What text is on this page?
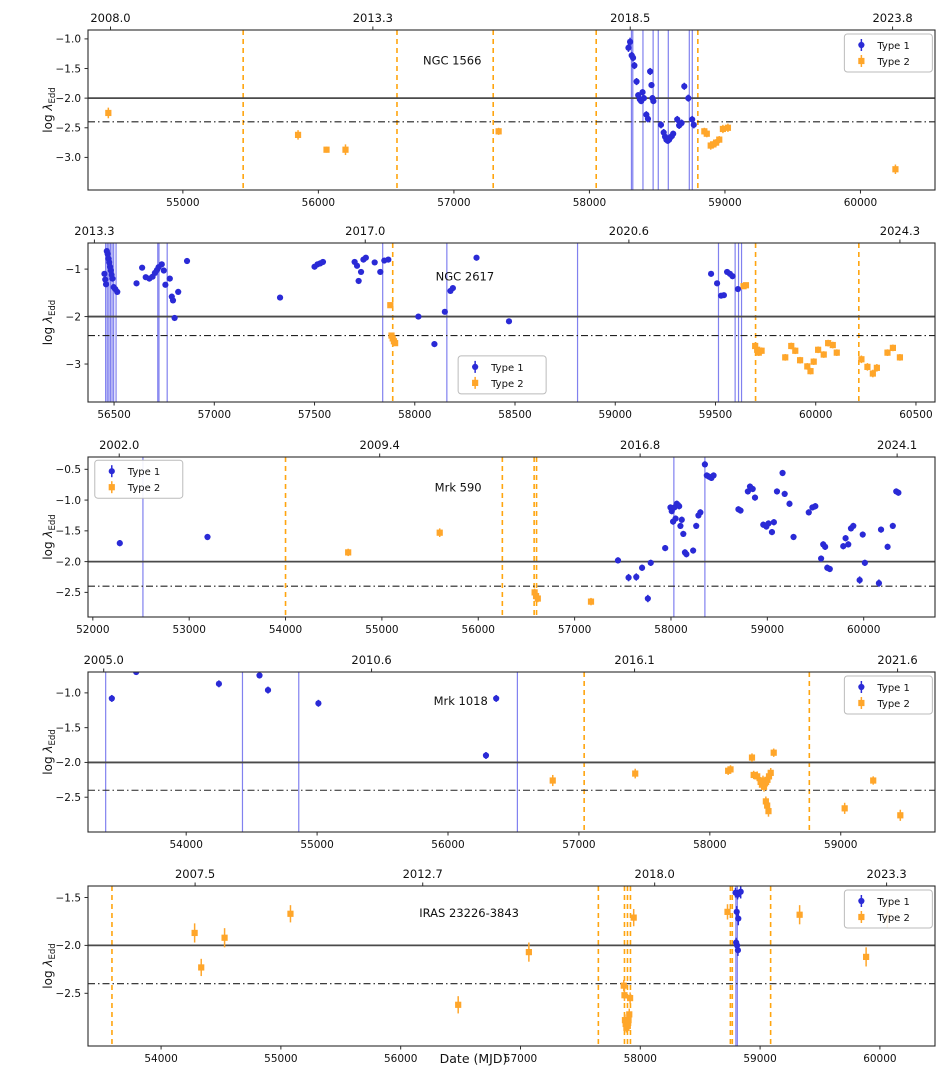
55000	56000	57000	58000	59000	60000
2008.0	2013.3	2018.5	2023.8
−1.0
−1.5
−2.0
−2.5
−3.0
$\log \lambda_{Edd}$
NGC 1566
Type 1
Type 2
56500	57000	57500	58000	58500	59000	59500	60000	60500
2013.3	2017.0	2020.6	2024.3
−1
−2
−3
$\log \lambda_{Edd}$
NGC 2617
Type 1
Type 2
52000	53000	54000	55000	56000	57000	58000	59000	60000
2002.0	2009.4	2016.8	2024.1
−0.5
−1.0
−1.5
−2.0
−2.5
$\log \lambda_{Edd}$
Mrk 590
Type 1
Type 2
54000	55000	56000	57000	58000	59000
2005.0	2010.6	2016.1	2021.6
−1.0
−1.5
−2.0
−2.5
$\log \lambda_{Edd}$
Mrk 1018
Type 1
Type 2
54000	55000	56000	57000	58000	59000	60000
2007.5	2012.7	2018.0	2023.3
−1.5
−2.0
−2.5
$\log \lambda_{Edd}$
IRAS 23226-3843
Type 1
Type 2
Date (MJD)
